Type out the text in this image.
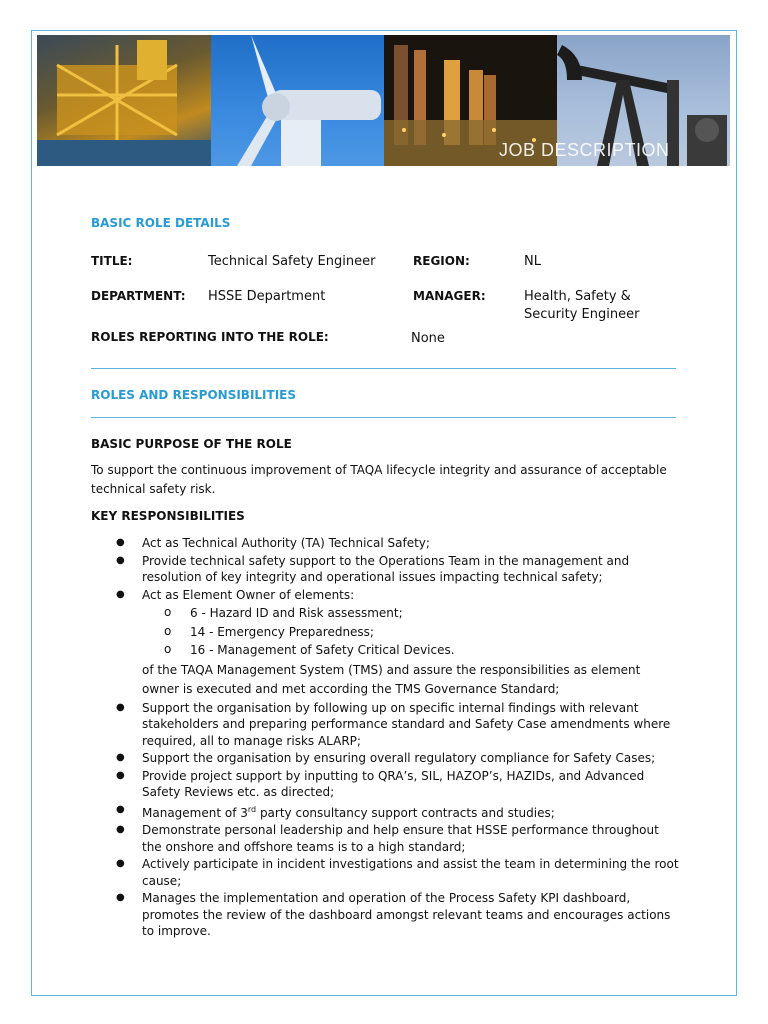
JOB DESCRIPTION
BASIC ROLE DETAILS
TITLE:	Technical Safety Engineer	REGION:	NL
DEPARTMENT: HSSE Department	MANAGER:	Health, Safety &
Security Engineer
ROLES REPORTING INTO THE ROLE:	None
ROLES AND RESPONSIBILITIES
BASIC PURPOSE OF THE ROLE
To support the continuous improvement of TAQA lifecycle integrity and assurance of acceptable technical safety risk.
KEY RESPONSIBILITIES
● Act as Technical Authority (TA) Technical Safety;
● Provide technical safety support to the Operations Team in the management and resolution of key integrity and operational issues impacting technical safety;
● Act as Element Owner of elements:
o 6 - Hazard ID and Risk assessment;
o 14 - Emergency Preparedness;
o 16 - Management of Safety Critical Devices.
of the TAQA Management System (TMS) and assure the responsibilities as element owner is executed and met according the TMS Governance Standard;
● Support the organisation by following up on specific internal findings with relevant stakeholders and preparing performance standard and Safety Case amendments where required, all to manage risks ALARP;
● Support the organisation by ensuring overall regulatory compliance for Safety Cases;
● Provide project support by inputting to QRA’s, SIL, HAZOP’s, HAZIDs, and Advanced Safety Reviews etc. as directed;
● Management of 3rd party consultancy support contracts and studies;
● Demonstrate personal leadership and help ensure that HSSE performance throughout the onshore and offshore teams is to a high standard;
● Actively participate in incident investigations and assist the team in determining the root cause;
● Manages the implementation and operation of the Process Safety KPI dashboard, promotes the review of the dashboard amongst relevant teams and encourages actions to improve.
